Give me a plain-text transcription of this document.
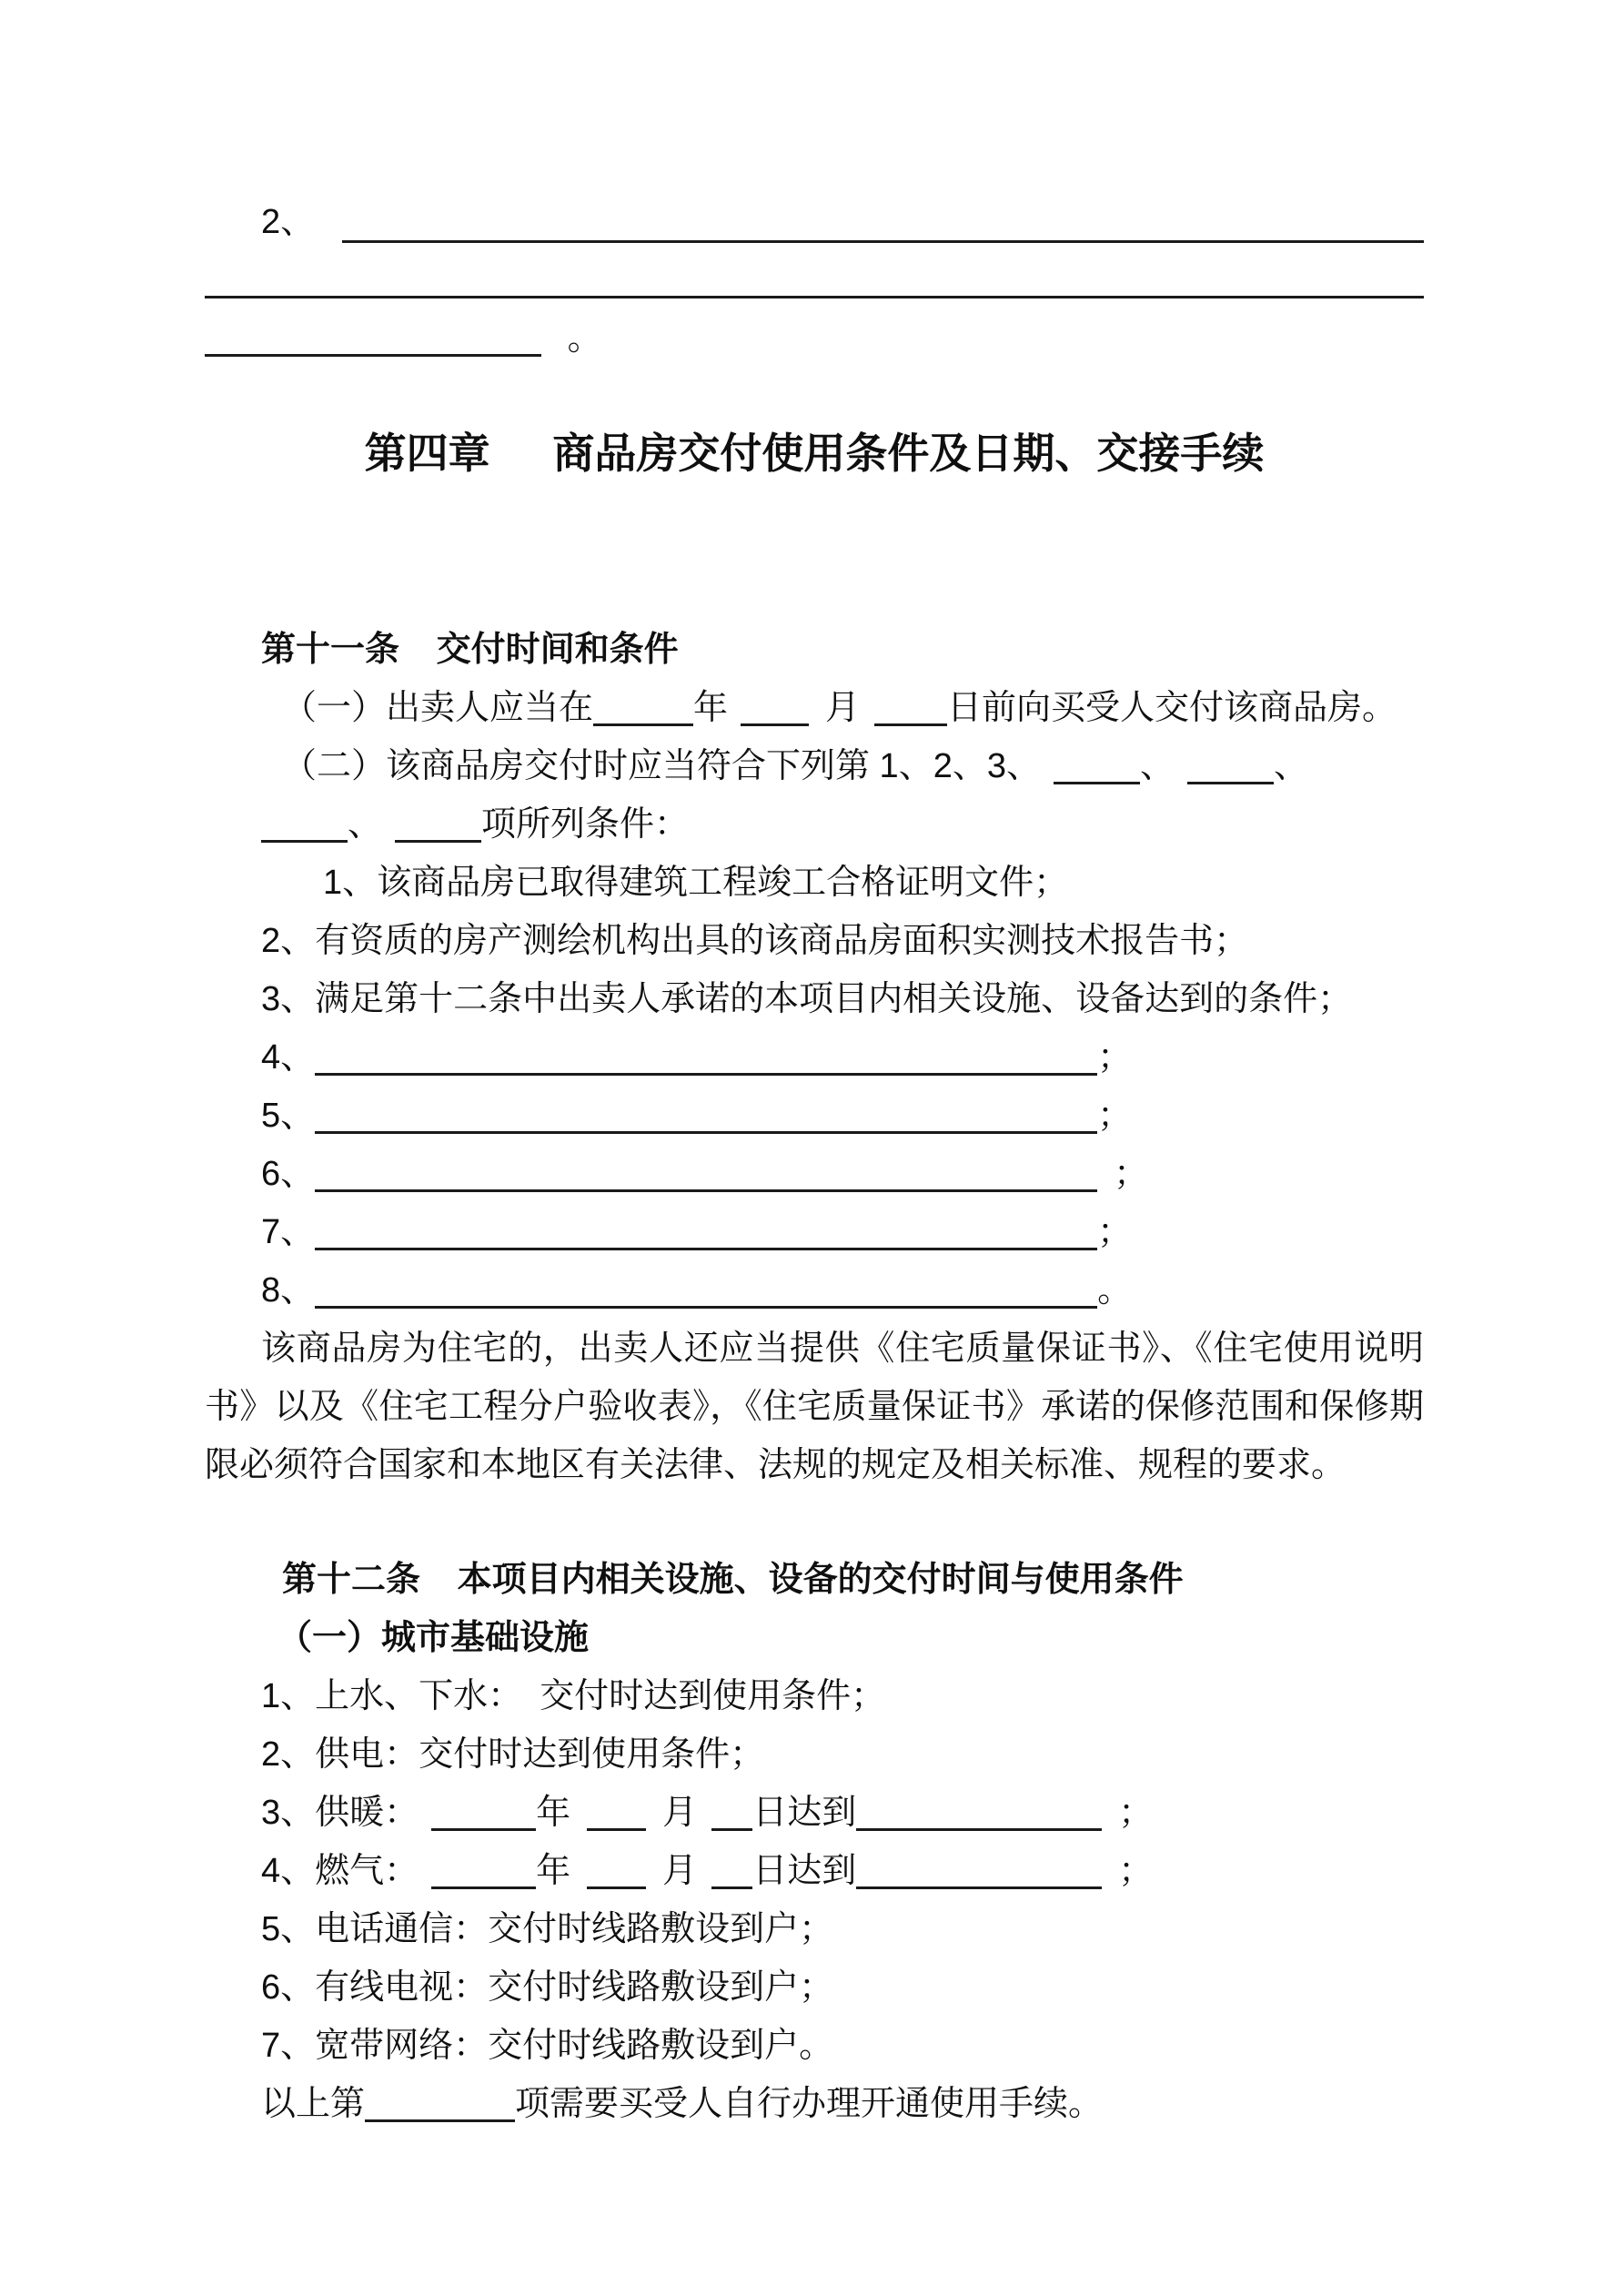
2、
。
第四章 商品房交付使用条件及日期、交接手续
第十一条 交付时间和条件
（一）出卖人应当在	年	月	日前向买受人交付该商品房。
（二）该商品房交付时应当符合下列第 1、2、3、	、	、
、	项所列条件：
1、该商品房已取得建筑工程竣工合格证明文件；
2、有资质的房产测绘机构出具的该商品房面积实测技术报告书；
3、满足第十二条中出卖人承诺的本项目内相关设施、设备达到的条件；
4、	；
5、	；
6、	；
7、	；
8、	。

该商品房为住宅的，出卖人还应当提供《住宅质量保证书》、《住宅使用说明书》以及《住宅工程分户验收表》，《住宅质量保证书》承诺的保修范围和保修期限必须符合国家和本地区有关法律、法规的规定及相关标准、规程的要求。

第十二条 本项目内相关设施、设备的交付时间与使用条件
（一）城市基础设施
1、上水、下水：　交付时达到使用条件；
2、供电：交付时达到使用条件；
3、供暖：	年	月 日达到	；
4、燃气：	年	月 日达到	；
5、电话通信：交付时线路敷设到户；
6、有线电视：交付时线路敷设到户；
7、宽带网络：交付时线路敷设到户。
以上第	项需要买受人自行办理开通使用手续。
